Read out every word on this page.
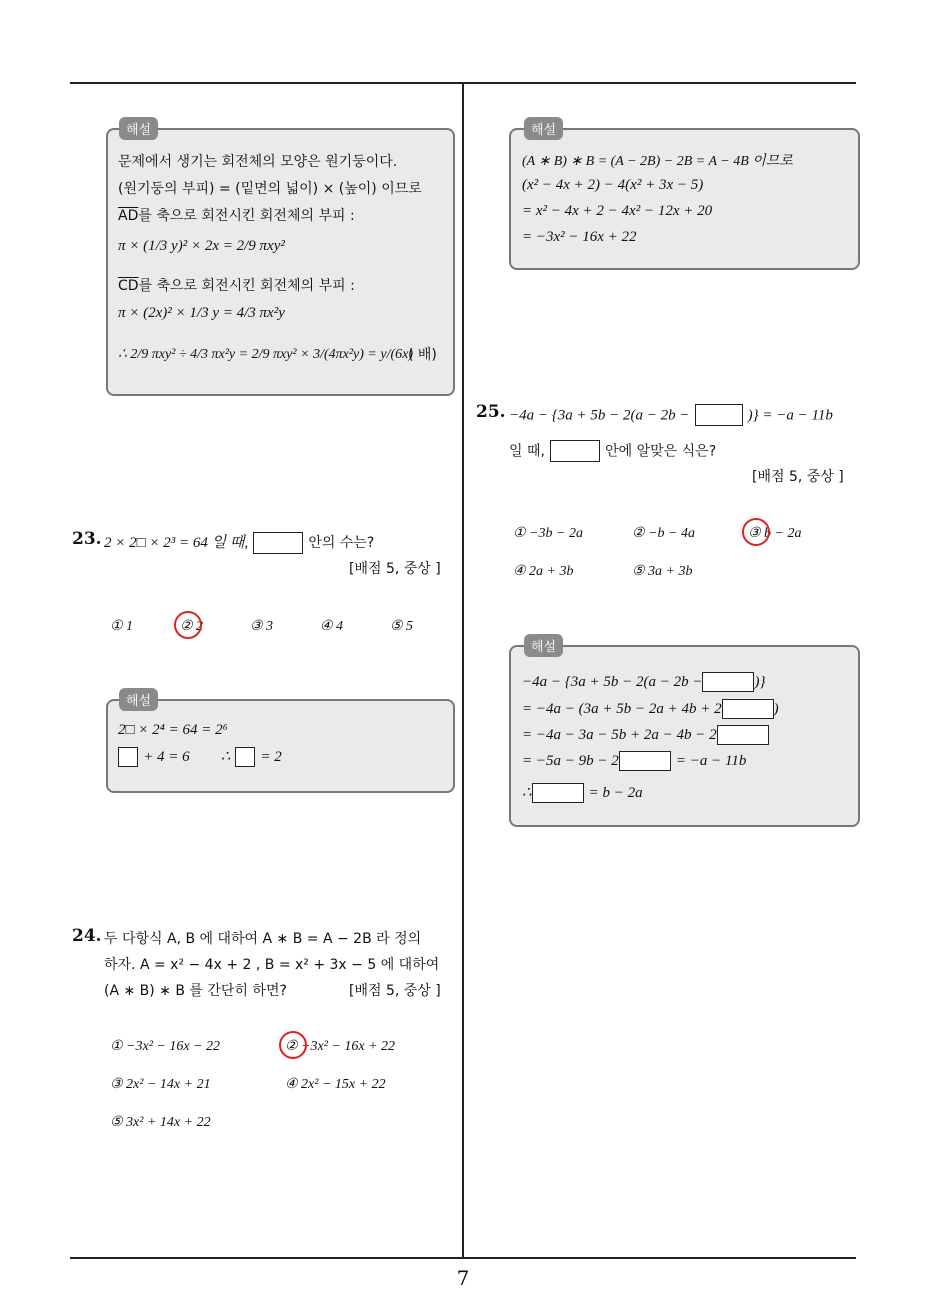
해설
문제에서 생기는 회전체의 모양은 원기둥이다.
(원기둥의 부피) = (밑면의 넓이) × (높이) 이므로
$\overline{AD}$를 축으로 회전시킨 회전체의 부피 :
π × (1/3 y)² × 2x = 2/9 πxy²
$\overline{CD}$를 축으로 회전시킨 회전체의 부피 :
π × (2x)² × 1/3 y = 4/3 πx²y
∴ 2/9 πxy² ÷ 4/3 πx²y = 2/9 πxy² × 3/(4πx²y) = y/(6x)
( 배)
23. 2 × 2□ × 2³ = 64 일 때,	안의 수는?
[배점 5, 중상 ]
① 1	② 2	③ 3	④ 4	⑤ 5
해설
2□ × 2⁴ = 64 = 2⁶
+ 4 = 6 ∴ = 2
24. 두 다항식 A, B 에 대하여 A ∗ B = A − 2B 라 정의
하자. A = x² − 4x + 2 , B = x² + 3x − 5 에 대하여
(A ∗ B) ∗ B 를 간단히 하면?	[배점 5, 중상 ]
① −3x² − 16x − 22	② −3x² − 16x + 22
③ 2x² − 14x + 21	④ 2x² − 15x + 22
⑤ 3x² + 14x + 22
해설
(A ∗ B) ∗ B = (A − 2B) − 2B = A − 4B 이므로
(x² − 4x + 2) − 4(x² + 3x − 5)
= x² − 4x + 2 − 4x² − 12x + 20
= −3x² − 16x + 22
25. −4a − {3a + 5b − 2(a − 2b −	)} = −a − 11b
일 때,	안에 알맞은 식은?
[배점 5, 중상 ]
① −3b − 2a	② −b − 4a	③ b − 2a
④ 2a + 3b	⑤ 3a + 3b
해설
−4a − {3a + 5b − 2(a − 2b −	)}
= −4a − (3a + 5b − 2a + 4b + 2	)
= −4a − 3a − 5b + 2a − 4b − 2
= −5a − 9b − 2	= −a − 11b
∴	= b − 2a
7
